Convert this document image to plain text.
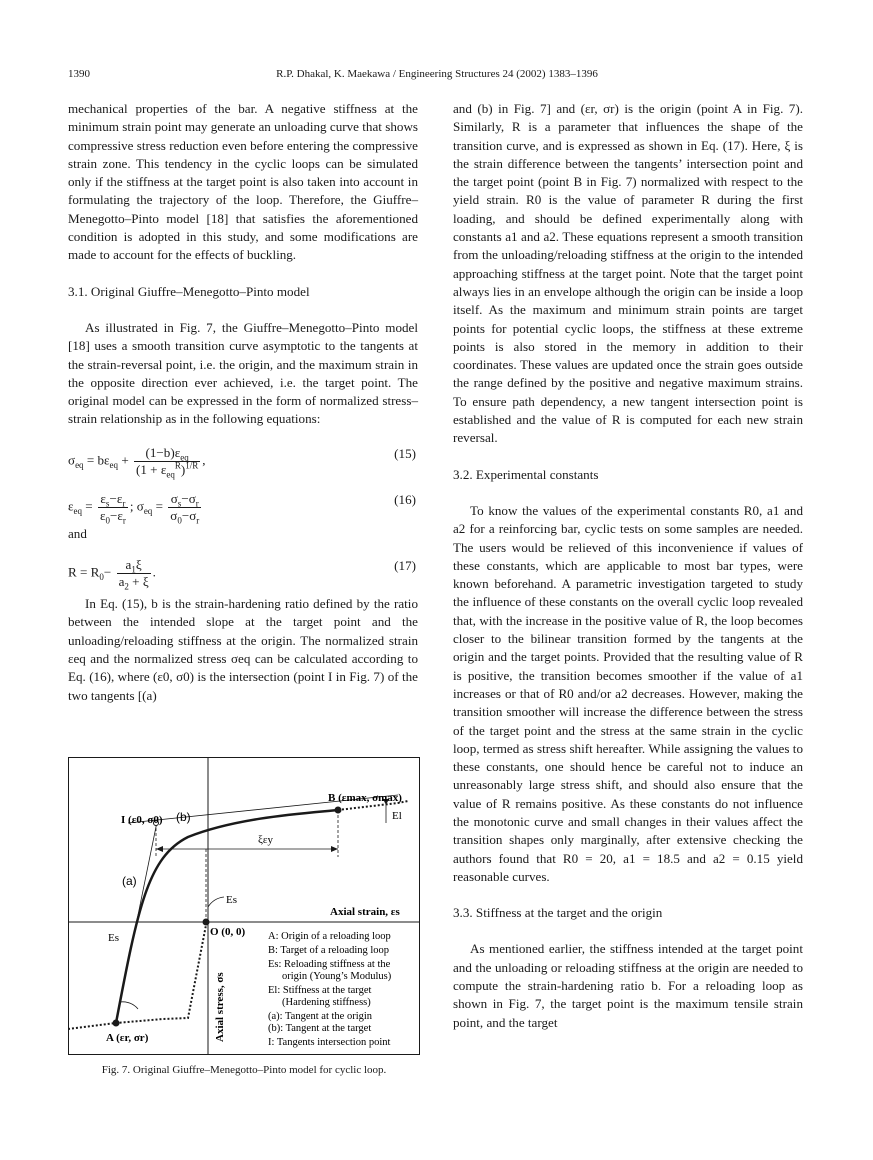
1390	R.P. Dhakal, K. Maekawa / Engineering Structures 24 (2002) 1383–1396

mechanical properties of the bar. A negative stiffness at the minimum strain point may generate an unloading curve that shows compressive stress reduction even before entering the compressive strain zone. This tendency in the cyclic loops can be simulated only if the stiffness at the target point is also taken into account in formulating the trajectory of the loop. Therefore, the Giuffre–Menegotto–Pinto model [18] that satisfies the aforementioned condition is adopted in this study, and some modifications are made to account for the effects of buckling.

3.1. Original Giuffre–Menegotto–Pinto model

As illustrated in Fig. 7, the Giuffre–Menegotto–Pinto model [18] uses a smooth transition curve asymptotic to the tangents at the strain-reversal point, i.e. the origin, and the maximum strain in the opposite direction ever achieved, i.e. the target point. The original model can be expressed in the form of normalized stress–strain relationship as in the following equations:

$\sigma_{eq} = b\varepsilon_{eq} + \frac{(1-b)\varepsilon_{eq}}{(1 + \varepsilon_{eq}^R)^{1/R}}$ ,	(15)
$\varepsilon_{eq} = \frac{\varepsilon_s-\varepsilon_r}{\varepsilon_0-\varepsilon_r}$ ; $\sigma_{eq} = \frac{\sigma_s-\sigma_r}{\sigma_0-\sigma_r}$	(16)

and

$R = R_0- \frac{a_1\xi}{a_2 + \xi}$ .	(17)

In Eq. (15), b is the strain-hardening ratio defined by the ratio between the intended slope at the target point and the unloading/reloading stiffness at the origin. The normalized strain εeq and the normalized stress σeq can be calculated according to Eq. (16), where (ε0, σ0) is the intersection (point I in Fig. 7) of the two tangents [(a)

and (b) in Fig. 7] and (εr, σr) is the origin (point A in Fig. 7). Similarly, R is a parameter that influences the shape of the transition curve, and is expressed as shown in Eq. (17). Here, ξ is the strain difference between the tangents’ intersection point and the target point (point B in Fig. 7) normalized with respect to the yield strain. R0 is the value of parameter R during the first loading, and should be defined experimentally along with constants a1 and a2. These equations represent a smooth transition from the unloading/reloading stiffness at the origin to the intended approaching stiffness at the target point. Note that the target point always lies in an envelope although the origin can be inside a loop itself. As the maximum and minimum strain points are target points for potential cyclic loops, the stiffness at these extreme points is also stored in the memory in addition to their coordinates. These values are updated once the strain goes outside the range defined by the positive and negative maximum strains. To ensure path dependency, a new tangent intersection point is established and the value of R is computed for each new strain reversal.

3.2. Experimental constants

To know the values of the experimental constants R0, a1 and a2 for a reinforcing bar, cyclic tests on some samples are needed. The users would be relieved of this inconvenience if values of these constants, which are applicable to most bar types, were known beforehand. A parametric investigation targeted to study the influence of these constants on the overall cyclic loop revealed that, with the increase in the positive value of R, the loop becomes closer to the bilinear transition formed by the tangents at the origin and the target points. Provided that the resulting value of R is positive, the transition becomes smoother if the value of a1 increases or that of R0 and/or a2 decreases. However, making the transition smoother will increase the difference between the stress of the target point and the stress at the same strain in the cyclic loop, termed as stress shift hereafter. While assigning the values to these constants, one should hence be careful not to induce an unreasonably large stress shift, and should also ensure that the value of R remains positive. As these constants do not influence the monotonic curve and small changes in their values affect the transition shapes only marginally, after extensive checking the authors found that R0 = 20, a1 = 18.5 and a2 = 0.15 yield reasonable curves.

3.3. Stiffness at the target and the origin

As mentioned earlier, the stiffness intended at the target point and the unloading or reloading stiffness at the origin are needed to compute the strain-hardening ratio b. For a reloading loop as shown in Fig. 7, the target point is the maximum tensile strain point, and the target

B (εmax, σmax)
I (ε0, σ0) (b)
(a)
El
ξεy
Es
Es	O (0, 0)
Axial strain, εs
Axial stress, σs
A (εr, σr)
A: Origin of a reloading loop
B: Target of a reloading loop
Es: Reloading stiffness at the
origin (Young’s Modulus)
El: Stiffness at the target
(Hardening stiffness)
(a): Tangent at the origin
(b): Tangent at the target
I: Tangents intersection point
Fig. 7. Original Giuffre–Menegotto–Pinto model for cyclic loop.
